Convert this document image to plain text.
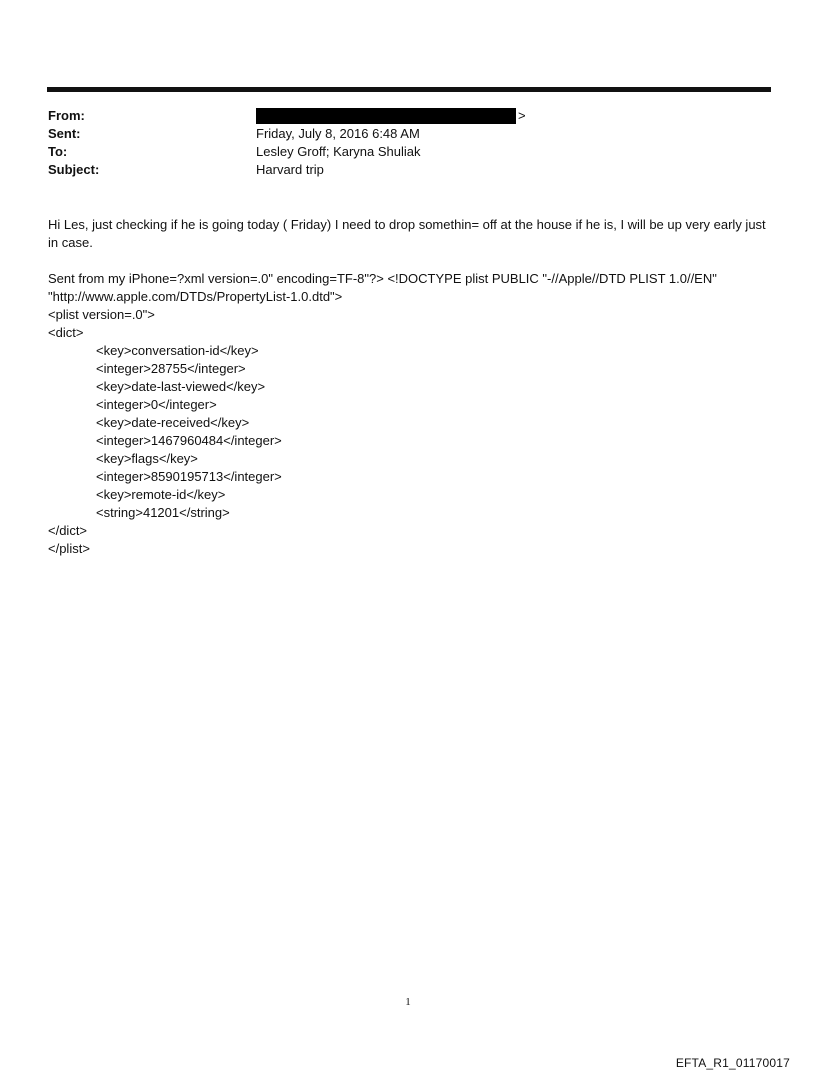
From:	>
Sent:	Friday, July 8, 2016 6:48 AM
To:	Lesley Groff; Karyna Shuliak
Subject:	Harvard trip

Hi Les, just checking if he is going today ( Friday) I need to drop somethin= off at the house if he is, I will be up very early just in case.

Sent from my iPhone=?xml version=.0" encoding=TF-8"?> <!DOCTYPE plist PUBLIC "-//Apple//DTD PLIST 1.0//EN"

"http://www.apple.com/DTDs/PropertyList-1.0.dtd">

<plist version=.0">

<dict>

<key>conversation-id</key>

<integer>28755</integer>

<key>date-last-viewed</key>

<integer>0</integer>

<key>date-received</key>

<integer>1467960484</integer>

<key>flags</key>

<integer>8590195713</integer>

<key>remote-id</key>

<string>41201</string>

</dict>

</plist>

1
EFTA_R1_01170017
